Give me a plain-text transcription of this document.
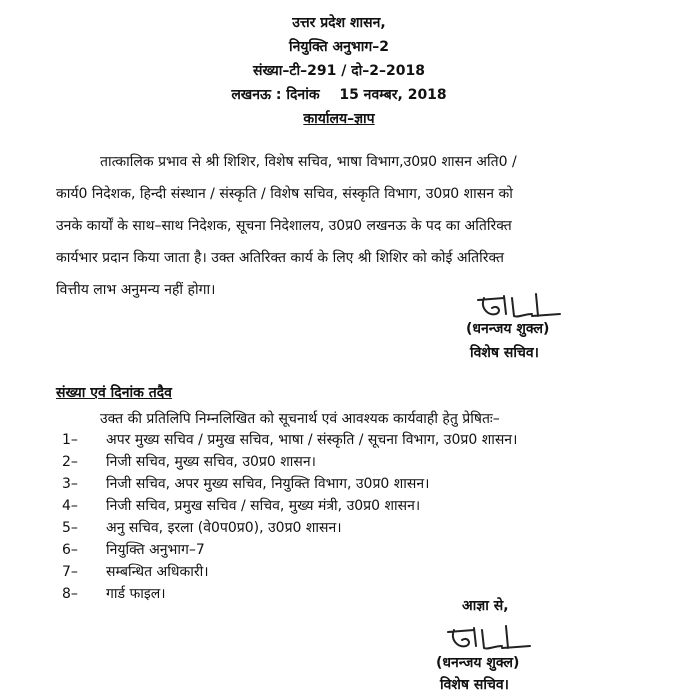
उत्तर प्रदेश शासन,
नियुक्ति अनुभाग–2
संख्या–टी–291 / दो–2–2018
लखनऊ : दिनांक 15 नवम्बर, 2018
कार्यालय–ज्ञाप
तात्कालिक प्रभाव से श्री शिशिर, विशेष सचिव, भाषा विभाग,उ0प्र0 शासन अति0 /
कार्य0 निदेशक, हिन्दी संस्थान / संस्कृति / विशेष सचिव, संस्कृति विभाग, उ0प्र0 शासन को
उनके कार्यों के साथ–साथ निदेशक, सूचना निदेशालय, उ0प्र0 लखनऊ के पद का अतिरिक्त
कार्यभार प्रदान किया जाता है। उक्त अतिरिक्त कार्य के लिए श्री शिशिर को कोई अतिरिक्त
वित्तीय लाभ अनुमन्य नहीं होगा।
(धनन्जय शुक्ल)
विशेष सचिव।
संख्या एवं दिनांक तदैव
उक्त की प्रतिलिपि निम्नलिखित को सूचनार्थ एवं आवश्यक कार्यवाही हेतु प्रेषितः–
1– अपर मुख्य सचिव / प्रमुख सचिव, भाषा / संस्कृति / सूचना विभाग, उ0प्र0 शासन।
2– निजी सचिव, मुख्य सचिव, उ0प्र0 शासन।
3– निजी सचिव, अपर मुख्य सचिव, नियुक्ति विभाग, उ0प्र0 शासन।
4– निजी सचिव, प्रमुख सचिव / सचिव, मुख्य मंत्री, उ0प्र0 शासन।
5– अनु सचिव, इरला (वे0प0प्र0), उ0प्र0 शासन।
6– नियुक्ति अनुभाग–7
7– सम्बन्धित अधिकारी।
8– गार्ड फाइल।
आज्ञा से,
(धनन्जय शुक्ल)
विशेष सचिव।
